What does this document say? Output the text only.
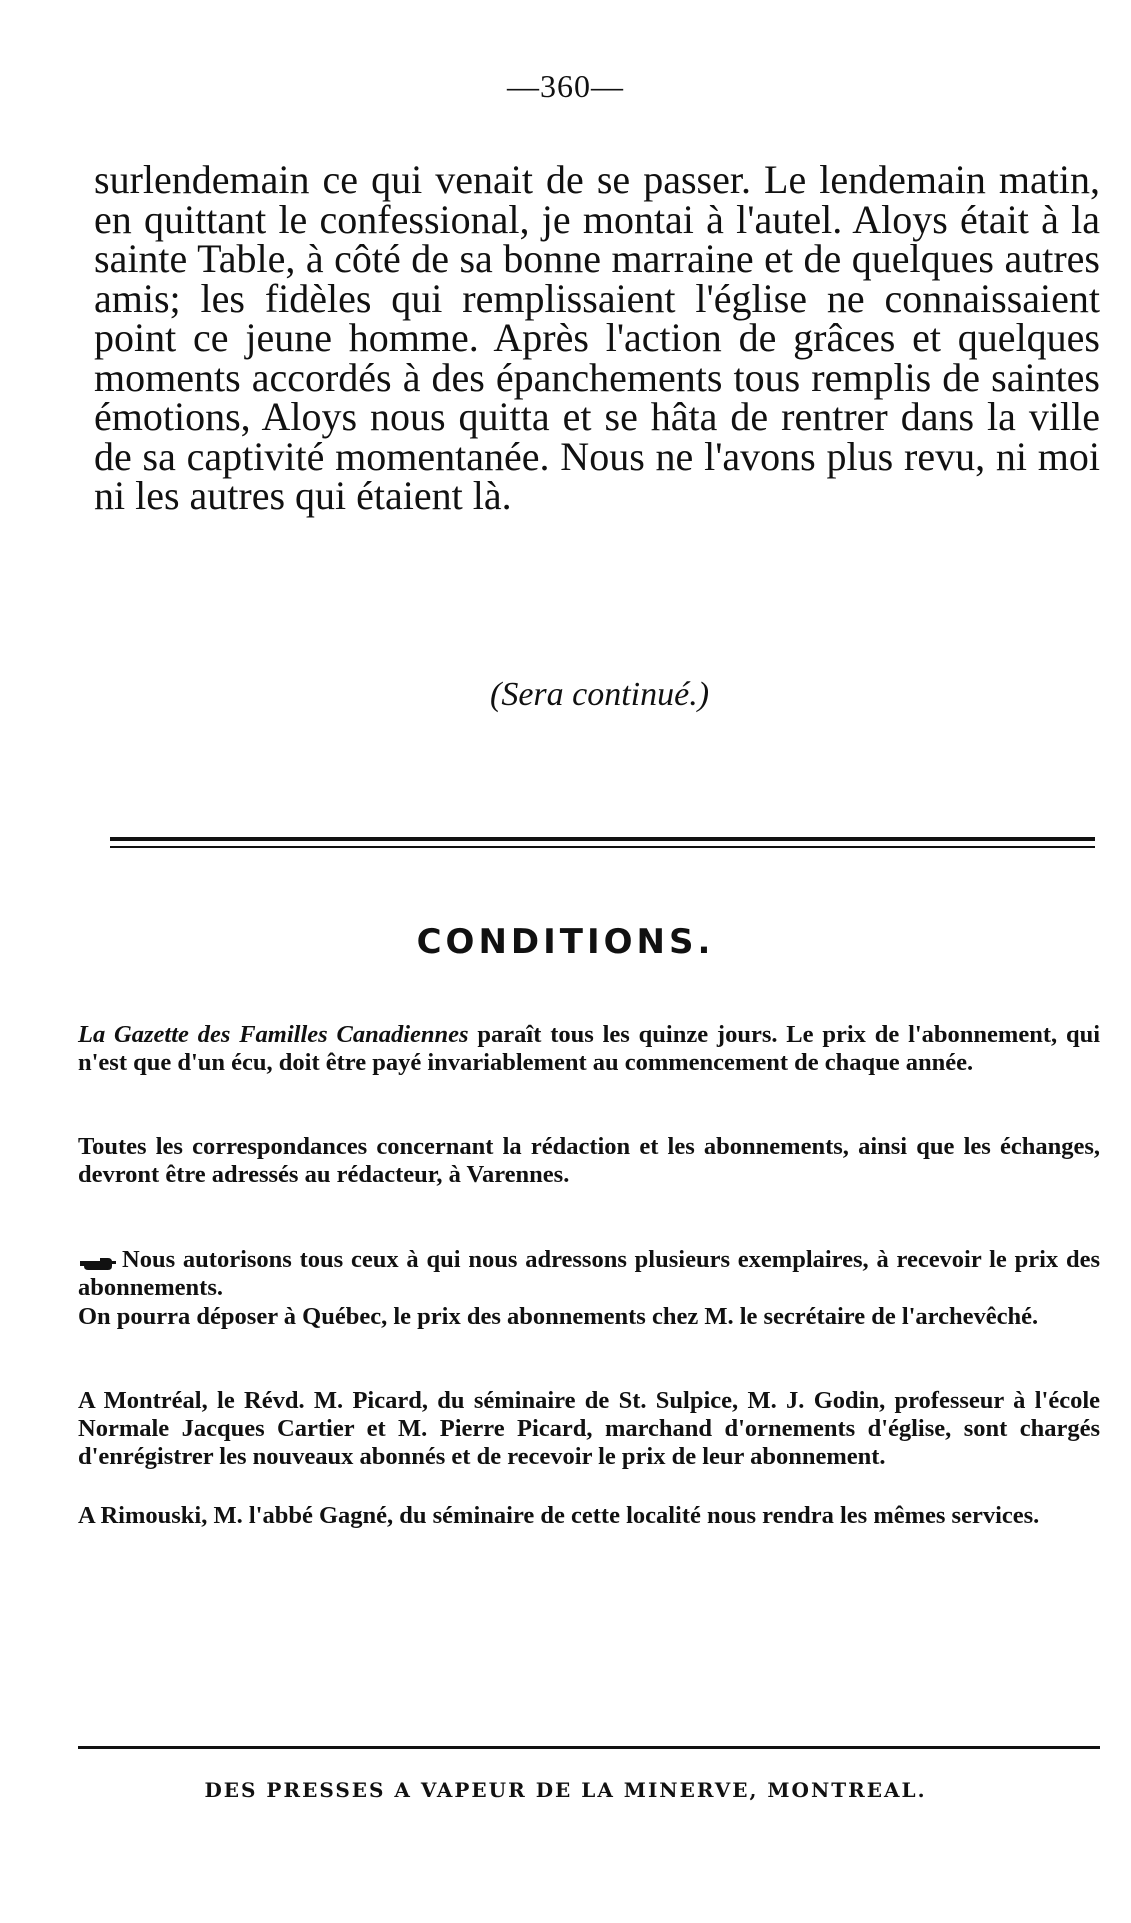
—360—

surlendemain ce qui venait de se passer. Le lendemain matin, en quittant le confessional, je montai à l'autel. Aloys était à la sainte Table, à côté de sa bonne marraine et de quelques autres amis; les fidèles qui remplissaient l'église ne connaissaient point ce jeune homme. Après l'action de grâces et quelques moments accordés à des épanchements tous remplis de saintes émotions, Aloys nous quitta et se hâta de rentrer dans la ville de sa captivité momentanée. Nous ne l'avons plus revu, ni moi ni les autres qui étaient là.

(Sera continué.)
CONDITIONS.
La Gazette des Familles Canadiennes paraît tous les quinze jours. Le prix de l'abonnement, qui n'est que d'un écu, doit être payé invariablement au commencement de chaque année.
Toutes les correspondances concernant la rédaction et les abonnements, ainsi que les échanges, devront être adressés au rédacteur, à Varennes.
Nous autorisons tous ceux à qui nous adressons plusieurs exemplaires, à recevoir le prix des abonnements.
On pourra déposer à Québec, le prix des abonnements chez M. le secrétaire de l'archevêché.
A Montréal, le Révd. M. Picard, du séminaire de St. Sulpice, M. J. Godin, professeur à l'école Normale Jacques Cartier et M. Pierre Picard, marchand d'ornements d'église, sont chargés d'enrégistrer les nouveaux abonnés et de recevoir le prix de leur abonnement.
A Rimouski, M. l'abbé Gagné, du séminaire de cette localité nous rendra les mêmes services.
DES PRESSES A VAPEUR DE LA MINERVE, MONTREAL.
